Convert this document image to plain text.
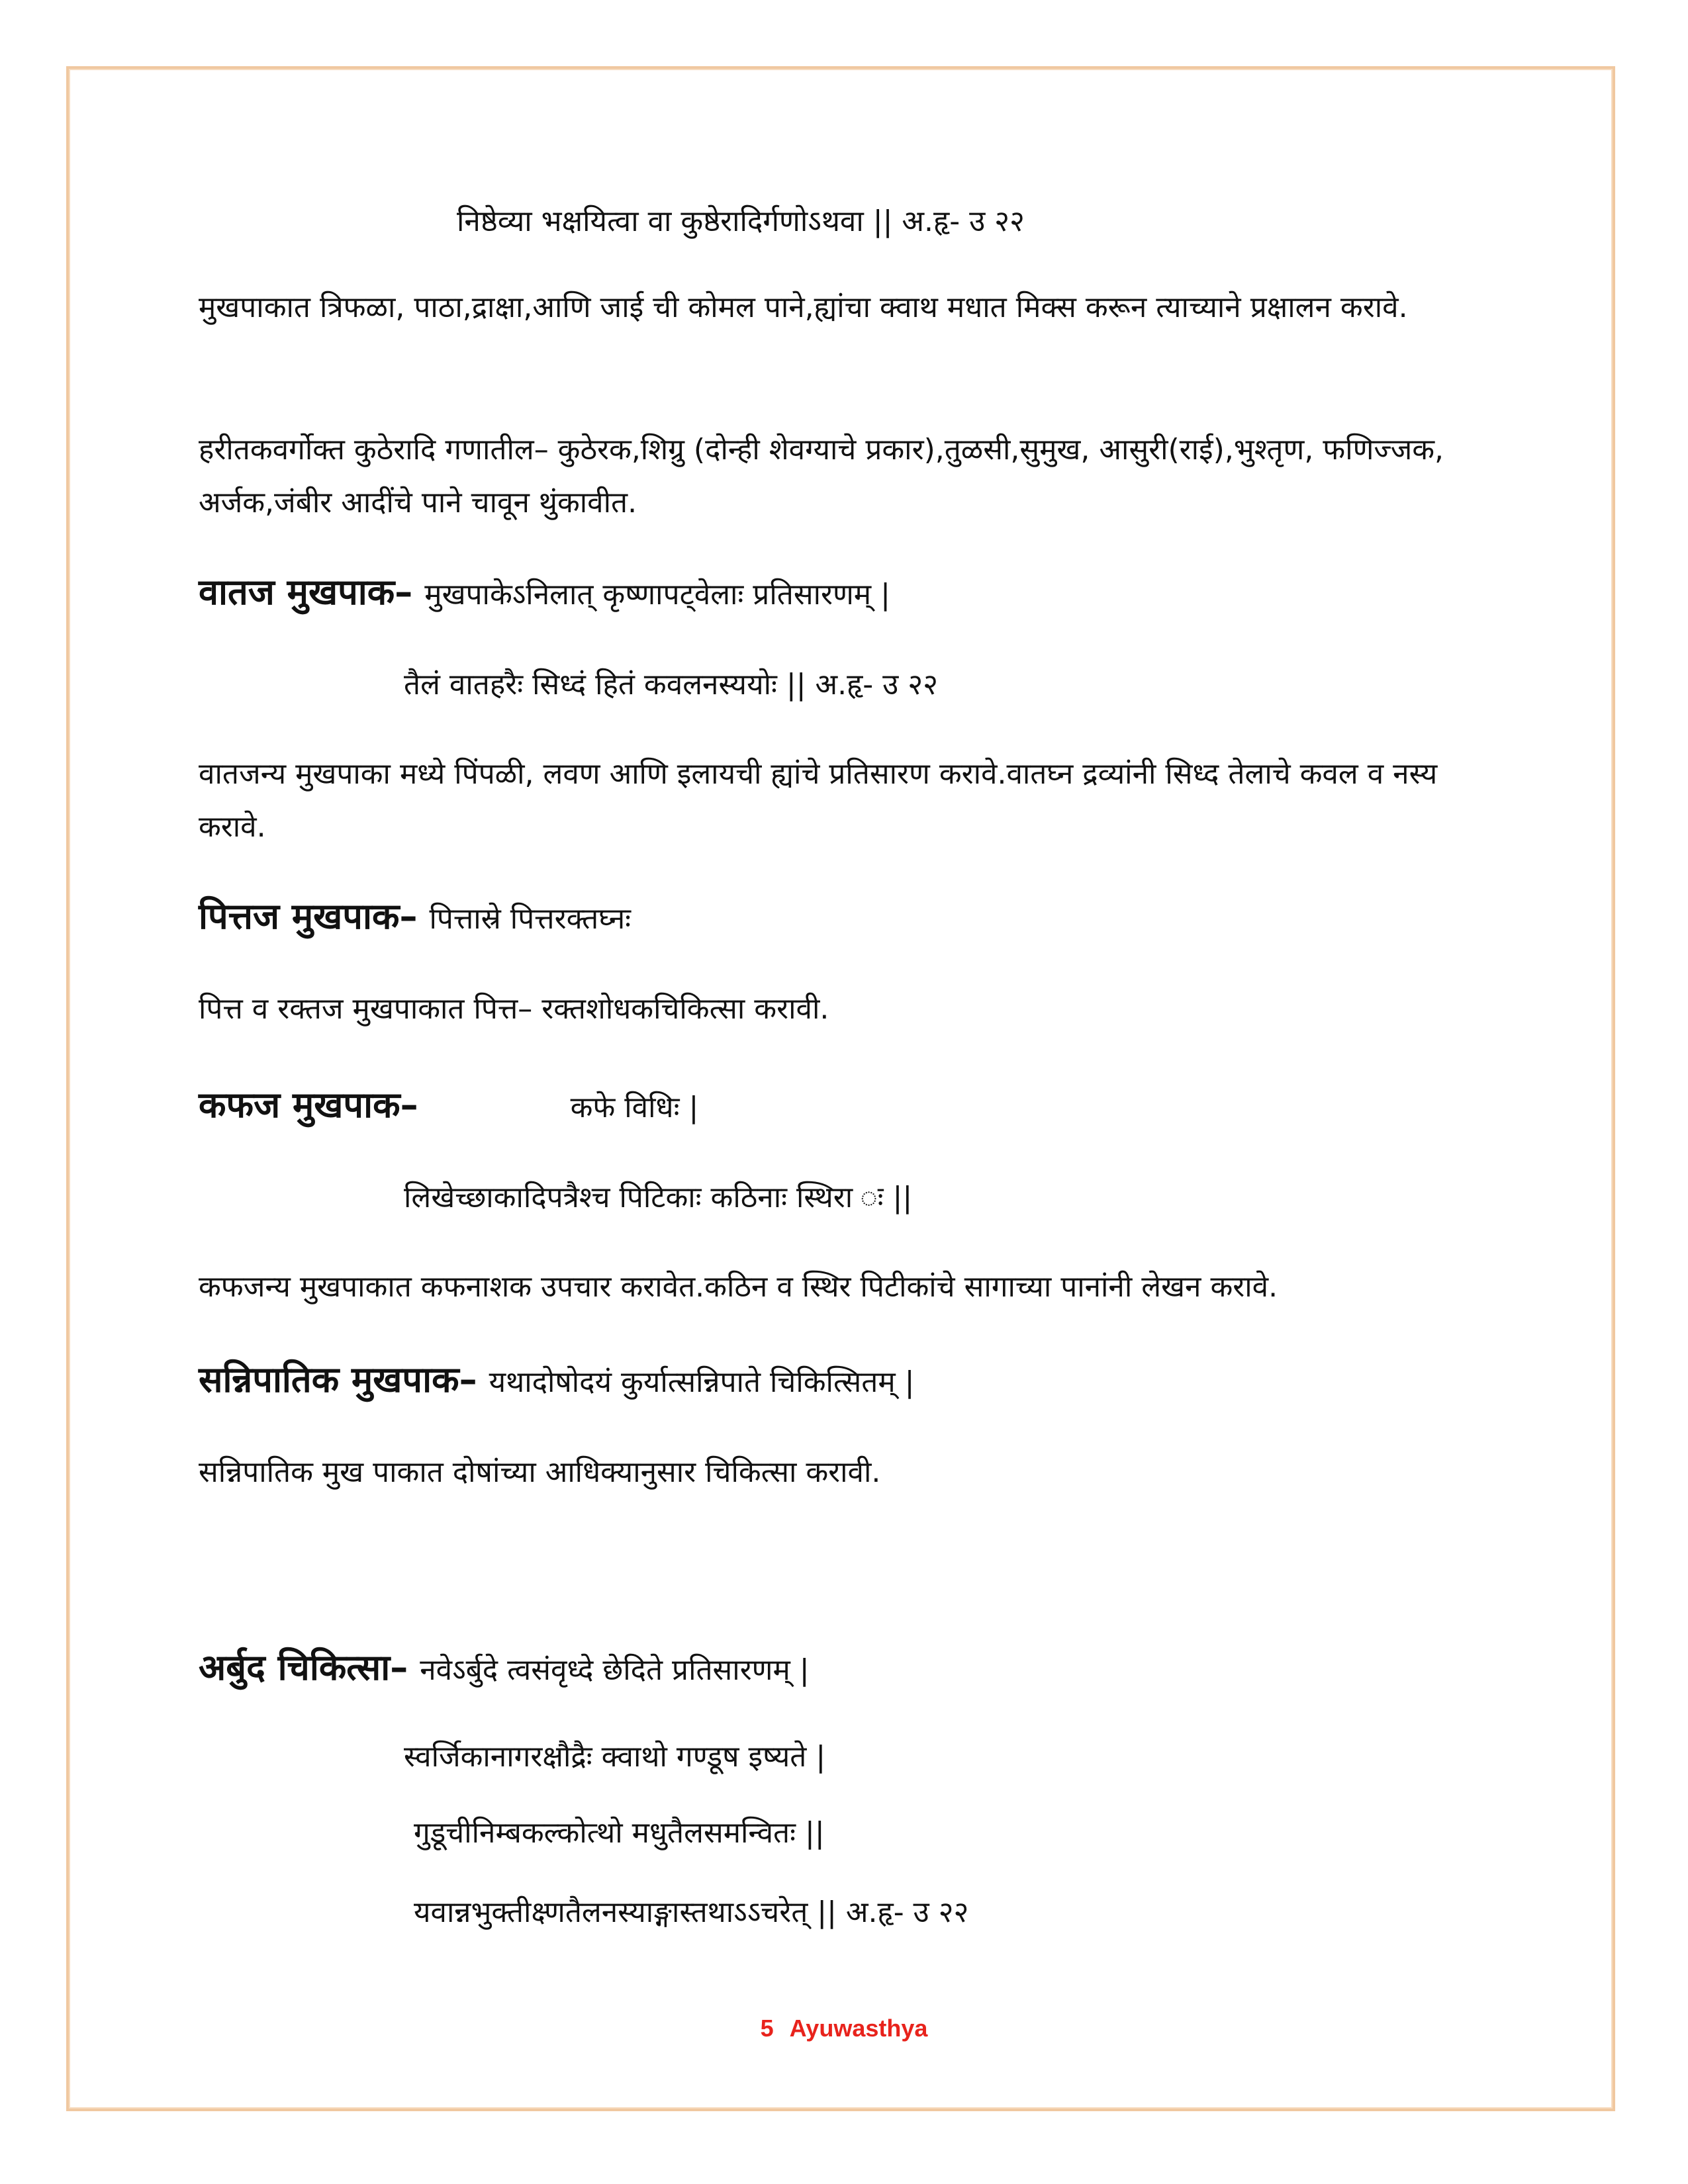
निष्ठेव्या भक्षयित्वा वा कुष्ठेरादिर्गणोऽथवा || अ.हृ- उ २२

मुखपाकात त्रिफळा, पाठा,द्राक्षा,आणि जाई ची कोमल पाने,ह्यांचा क्वाथ मधात मिक्स करून त्याच्याने प्रक्षालन करावे.

हरीतकवर्गोक्त कुठेरादि गणातील– कुठेरक,शिग्रु (दोन्ही शेवग्याचे प्रकार),तुळसी,सुमुख, आसुरी(राई),भुश्तृण, फणिज्जक, अर्जक,जंबीर आदींचे पाने चावून थुंकावीत.

वातज मुखपाक– मुखपाकेऽनिलात् कृष्णापट्वेलाः प्रतिसारणम् |

तैलं वातहरैः सिध्दं हितं कवलनस्ययोः || अ.हृ- उ २२

वातजन्य मुखपाका मध्ये पिंपळी, लवण आणि इलायची ह्यांचे प्रतिसारण करावे.वातघ्न द्रव्यांनी सिध्द तेलाचे कवल व नस्य करावे.

पित्तज मुखपाक– पित्तास्रे पित्तरक्तघ्नः

पित्त व रक्तज मुखपाकात पित्त– रक्तशोधकचिकित्सा करावी.

कफज मुखपाक–	कफे विधिः |

लिखेच्छाकादिपत्रैश्च पिटिकाः कठिनाः स्थिरा ः ||

कफजन्य मुखपाकात कफनाशक उपचार करावेत.कठिन व स्थिर पिटीकांचे सागाच्या पानांनी लेखन करावे.

सन्निपातिक मुखपाक– यथादोषोदयं कुर्यात्सन्निपाते चिकित्सितम् |

सन्निपातिक मुख पाकात दोषांच्या आधिक्यानुसार चिकित्सा करावी.

अर्बुद चिकित्सा– नवेऽर्बुदे त्वसंवृध्दे छेदिते प्रतिसारणम् |

स्वर्जिकानागरक्षौद्रैः क्वाथो गण्डूष इष्यते |

गुडूचीनिम्बकल्कोत्थो मधुतैलसमन्वितः ||

यवान्नभुक्तीक्ष्णतैलनस्याङ्गास्तथाऽऽचरेत् || अ.हृ- उ २२

5 Ayuwasthya
